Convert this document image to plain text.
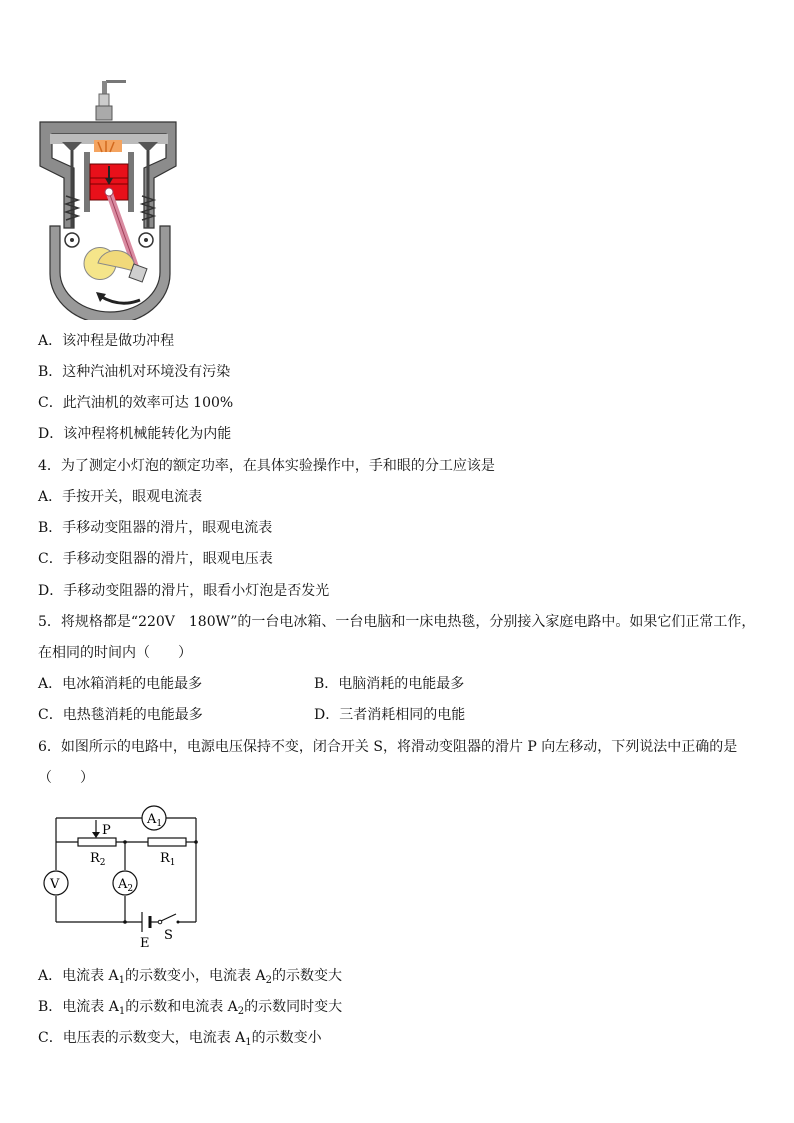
A．该冲程是做功冲程
B．这种汽油机对环境没有污染
C．此汽油机的效率可达 100%
D．该冲程将机械能转化为内能
4．为了测定小灯泡的额定功率，在具体实验操作中，手和眼的分工应该是
A．手按开关，眼观电流表
B．手移动变阻器的滑片，眼观电流表
C．手移动变阻器的滑片，眼观电压表
D．手移动变阻器的滑片，眼看小灯泡是否发光
5．将规格都是“220V　180W”的一台电冰箱、一台电脑和一床电热毯，分别接入家庭电路中。如果它们正常工作，
在相同的时间内（　　）
A．电冰箱消耗的电能最多	B．电脑消耗的电能最多
C．电热毯消耗的电能最多	D．三者消耗相同的电能
6．如图所示的电路中，电源电压保持不变，闭合开关 S，将滑动变阻器的滑片 P 向左移动，下列说法中正确的是
（　　）
P
$R_2$	$R_1$
$A_1$
$A_2$
V
E
S
A．电流表 $A_1$的示数变小，电流表 $A_2$的示数变大
B．电流表 $A_1$的示数和电流表 $A_2$的示数同时变大
C．电压表的示数变大，电流表 $A_1$的示数变小
